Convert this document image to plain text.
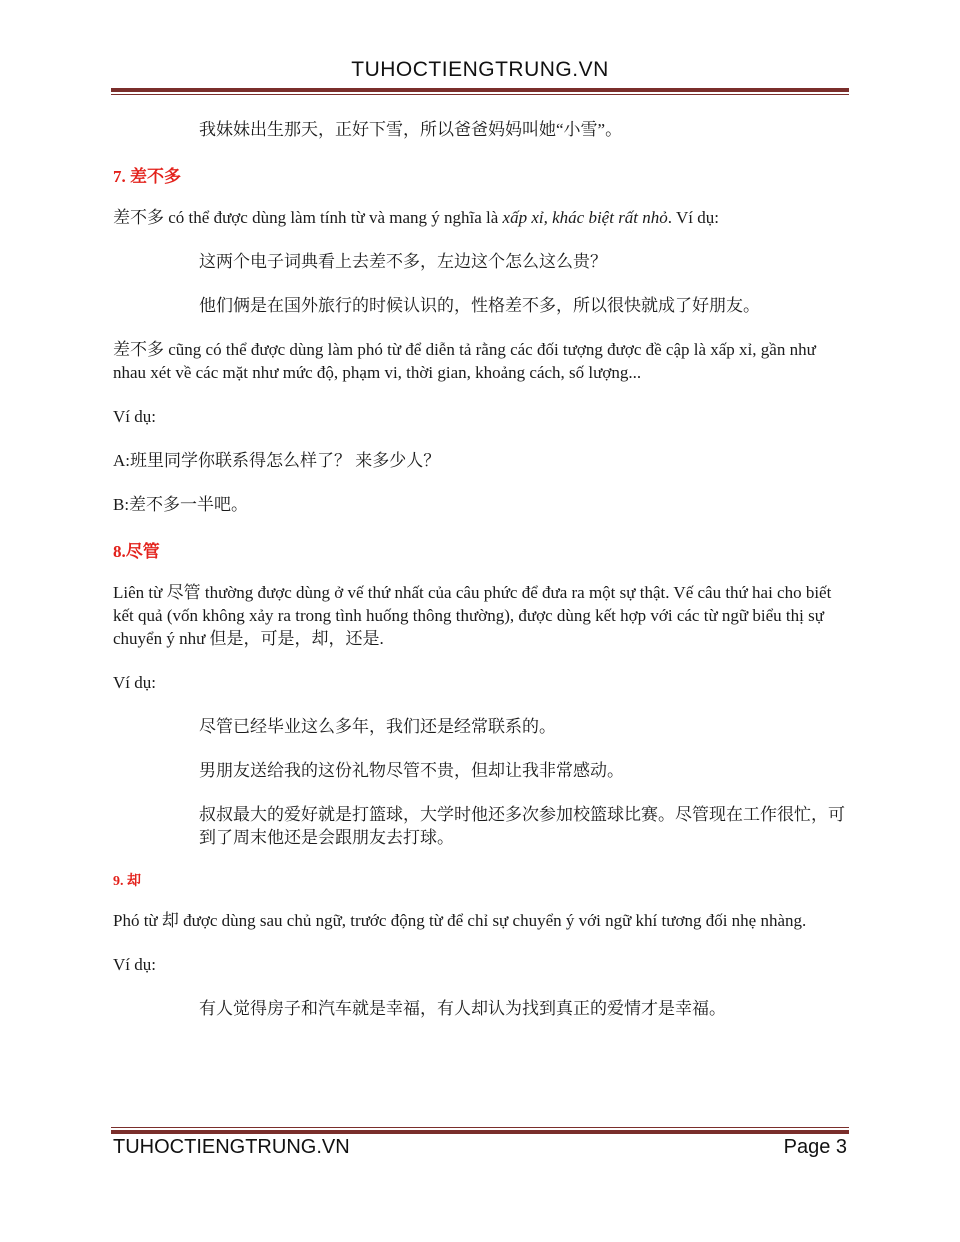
TUHOCTIENGTRUNG.VN

我妹妹出生那天，正好下雪，所以爸爸妈妈叫她“小雪”。

7. 差不多

差不多 có thể được dùng làm tính từ và mang ý nghĩa là xấp xỉ, khác biệt rất nhỏ. Ví dụ:

这两个电子词典看上去差不多，左边这个怎么这么贵？

他们俩是在国外旅行的时候认识的，性格差不多，所以很快就成了好朋友。

差不多 cũng có thể được dùng làm phó từ để diễn tả rằng các đối tượng được đề cập là xấp xỉ, gần như nhau xét về các mặt như mức độ, phạm vi, thời gian, khoảng cách, số lượng...

Ví dụ:

A:班里同学你联系得怎么样了？ 来多少人？

B:差不多一半吧。

8.尽管

Liên từ 尽管 thường được dùng ở vế thứ nhất của câu phức để đưa ra một sự thật. Vế câu thứ hai cho biết kết quả (vốn không xảy ra trong tình huống thông thường), được dùng kết hợp với các từ ngữ biểu thị sự chuyển ý như 但是，可是，却，还是.

Ví dụ:

尽管已经毕业这么多年，我们还是经常联系的。

男朋友送给我的这份礼物尽管不贵，但却让我非常感动。

叔叔最大的爱好就是打篮球，大学时他还多次参加校篮球比赛。尽管现在工作很忙，可到了周末他还是会跟朋友去打球。

9. 却

Phó từ 却 được dùng sau chủ ngữ, trước động từ để chỉ sự chuyển ý với ngữ khí tương đối nhẹ nhàng.

Ví dụ:

有人觉得房子和汽车就是幸福，有人却认为找到真正的爱情才是幸福。

TUHOCTIENGTRUNG.VN	Page 3
